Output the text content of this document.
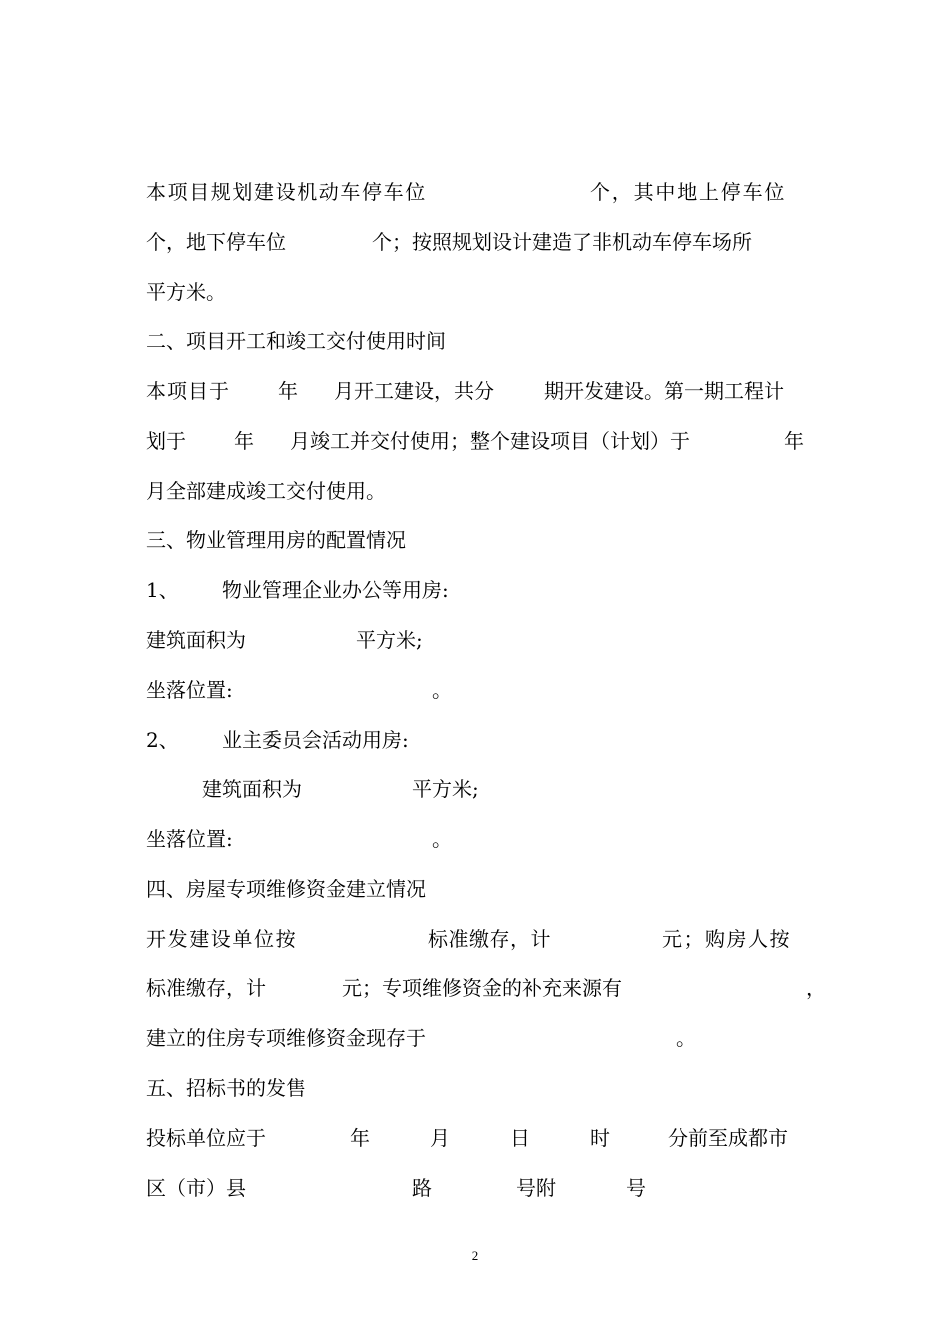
本项目规划建设机动车停车位	个，其中地上停车位
个，地下停车位	个；按照规划设计建造了非机动车停车场所
平方米。
二、项目开工和竣工交付使用时间
本项目于 年 月开工建设，共分	期开发建设。第一期工程计
划于 年 月竣工并交付使用；整个建设项目（计划）于	年
月全部建成竣工交付使用。
三、物业管理用房的配置情况
1、 物业管理企业办公等用房:
建筑面积为	平方米;
坐落位置:	。
2、 业主委员会活动用房:
建筑面积为	平方米;
坐落位置:	。
四、房屋专项维修资金建立情况
开发建设单位按	标准缴存，计	元；购房人按
标准缴存，计	元；专项维修资金的补充来源有	，
建立的住房专项维修资金现存于	。
五、招标书的发售
投标单位应于	年	月	日	时	分前至成都市
区（市）县	路	号附	号
2
